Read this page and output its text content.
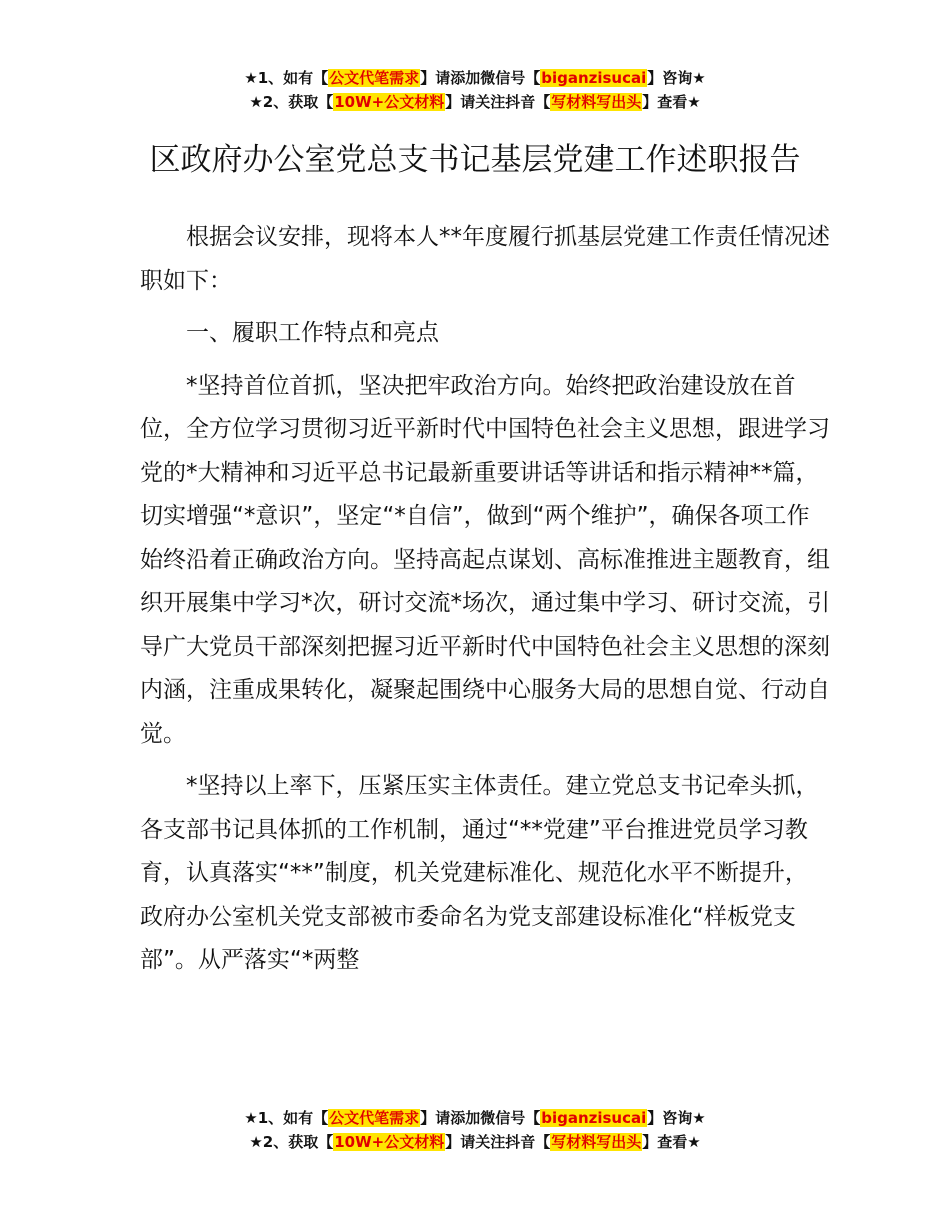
★1、如有【公文代笔需求】请添加微信号【biganzisucai】咨询★
★2、获取【10W+公文材料】请关注抖音【写材料写出头】查看★
区政府办公室党总支书记基层党建工作述职报告

根据会议安排，现将本人**年度履行抓基层党建工作责任情况述职如下：

一、履职工作特点和亮点

*坚持首位首抓，坚决把牢政治方向。始终把政治建设放在首位，全方位学习贯彻习近平新时代中国特色社会主义思想，跟进学习党的*大精神和习近平总书记最新重要讲话等讲话和指示精神**篇，切实增强“*意识”，坚定“*自信”，做到“两个维护”，确保各项工作始终沿着正确政治方向。坚持高起点谋划、高标准推进主题教育，组织开展集中学习*次，研讨交流*场次，通过集中学习、研讨交流，引导广大党员干部深刻把握习近平新时代中国特色社会主义思想的深刻内涵，注重成果转化，凝聚起围绕中心服务大局的思想自觉、行动自觉。

*坚持以上率下，压紧压实主体责任。建立党总支书记牵头抓，各支部书记具体抓的工作机制，通过“**党建”平台推进党员学习教育，认真落实“**”制度，机关党建标准化、规范化水平不断提升，政府办公室机关党支部被市委命名为党支部建设标准化“样板党支部”。从严落实“*两整

★1、如有【公文代笔需求】请添加微信号【biganzisucai】咨询★
★2、获取【10W+公文材料】请关注抖音【写材料写出头】查看★
